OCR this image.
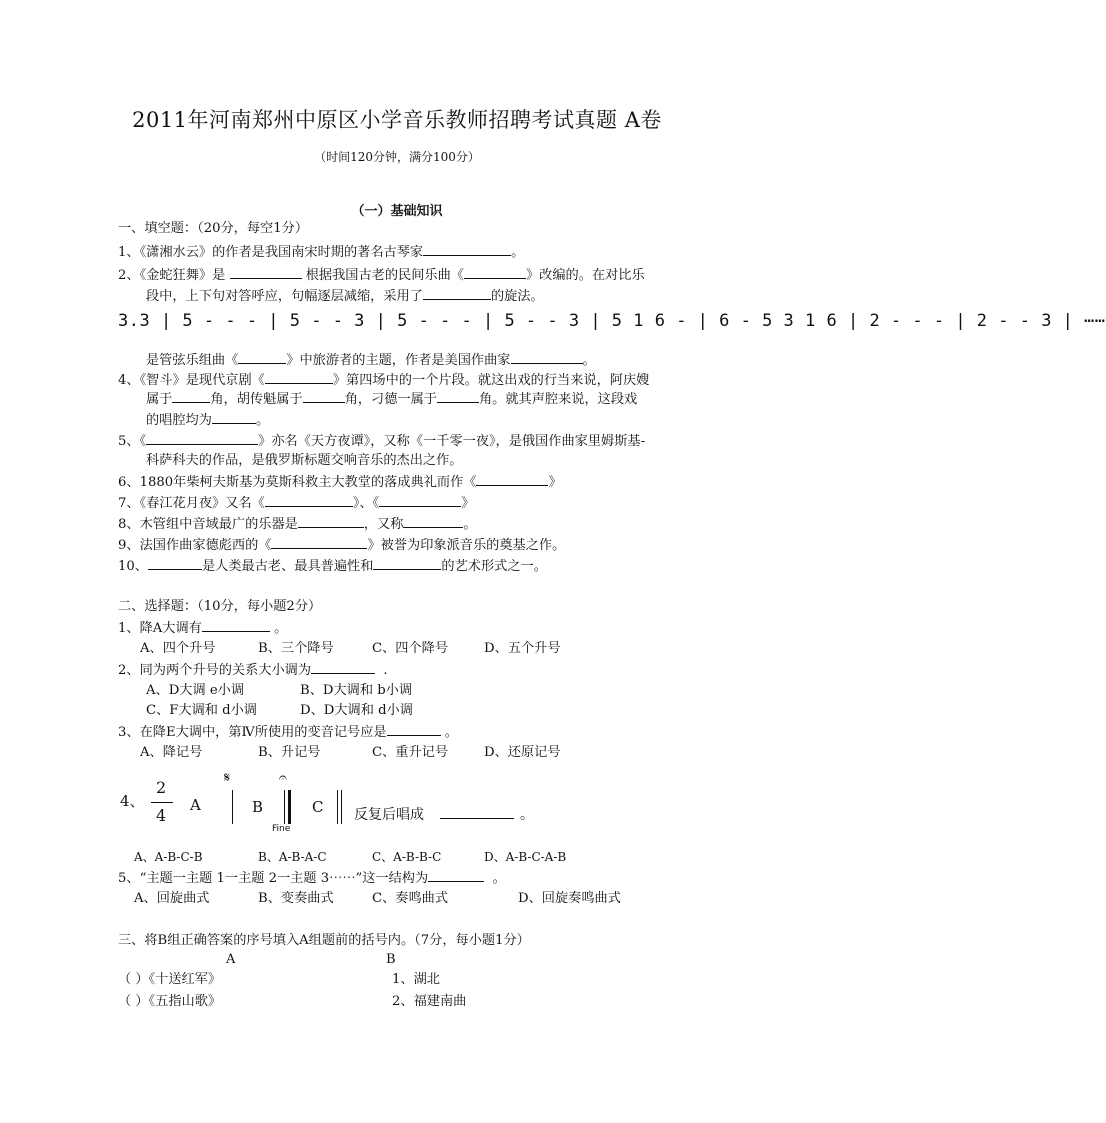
2011年河南郑州中原区小学音乐教师招聘考试真题 A卷
（时间120分钟，满分100分）
（一）基础知识
一、填空题：（20分，每空1分）
1、《潇湘水云》的作者是我国南宋时期的著名古琴家	。
2、《金蛇狂舞》是	根据我国古老的民间乐曲《	》改编的。在对比乐
段中，上下句对答呼应，句幅逐层减缩，采用了	的旋法。
3.3 | 5 - - - | 5 - - 3 | 5 - - - | 5 - - 3 | 5 1 6 - | 6 - 5 3 1 6 | 2 - - - | 2 - - 3 | ⋯⋯
是管弦乐组曲《	》中旅游者的主题，作者是美国作曲家	。
4、《智斗》是现代京剧《	》第四场中的一个片段。就这出戏的行当来说，阿庆嫂
属于	角，胡传魁属于	角，刁德一属于	角。就其声腔来说，这段戏
的唱腔均为	。
5、《	》亦名《天方夜谭》，又称《一千零一夜》，是俄国作曲家里姆斯基-
科萨科夫的作品，是俄罗斯标题交响音乐的杰出之作。
6、1880年柴柯夫斯基为莫斯科救主大教堂的落成典礼而作《	》
7、《春江花月夜》又名《	》、《	》
8、木管组中音域最广的乐器是	，又称	。
9、法国作曲家德彪西的《	》被誉为印象派音乐的奠基之作。
10、	是人类最古老、最具普遍性和	的艺术形式之一。
二、选择题：（10分，每小题2分）
1、降A大调有	。
A、四个升号	B、三个降号	C、四个降号	D、五个升号
2、同为两个升号的关系大小调为	.
A、D大调 e小调	B、D大调和 b小调
C、F大调和 d小调	D、D大调和 d小调
3、在降E大调中，第Ⅳ所使用的变音记号应是	。
A、降记号	B、升记号	C、重升记号	D、还原记号
4、
2
4
A
𝄋
B
𝄐
Fine
C 反复后唱成	。
A、A-B-C-B	B、A-B-A-C	C、A-B-B-C	D、A-B-C-A-B
5、“主题一主题 1一主题 2一主题 3⋯⋯”这一结构为	。
A、回旋曲式	B、变奏曲式	C、奏鸣曲式	D、回旋奏鸣曲式
三、将B组正确答案的序号填入A组题前的括号内。（7分，每小题1分）
A	B
（ ）《十送红军》	1、湖北
（ ）《五指山歌》	2、福建南曲
